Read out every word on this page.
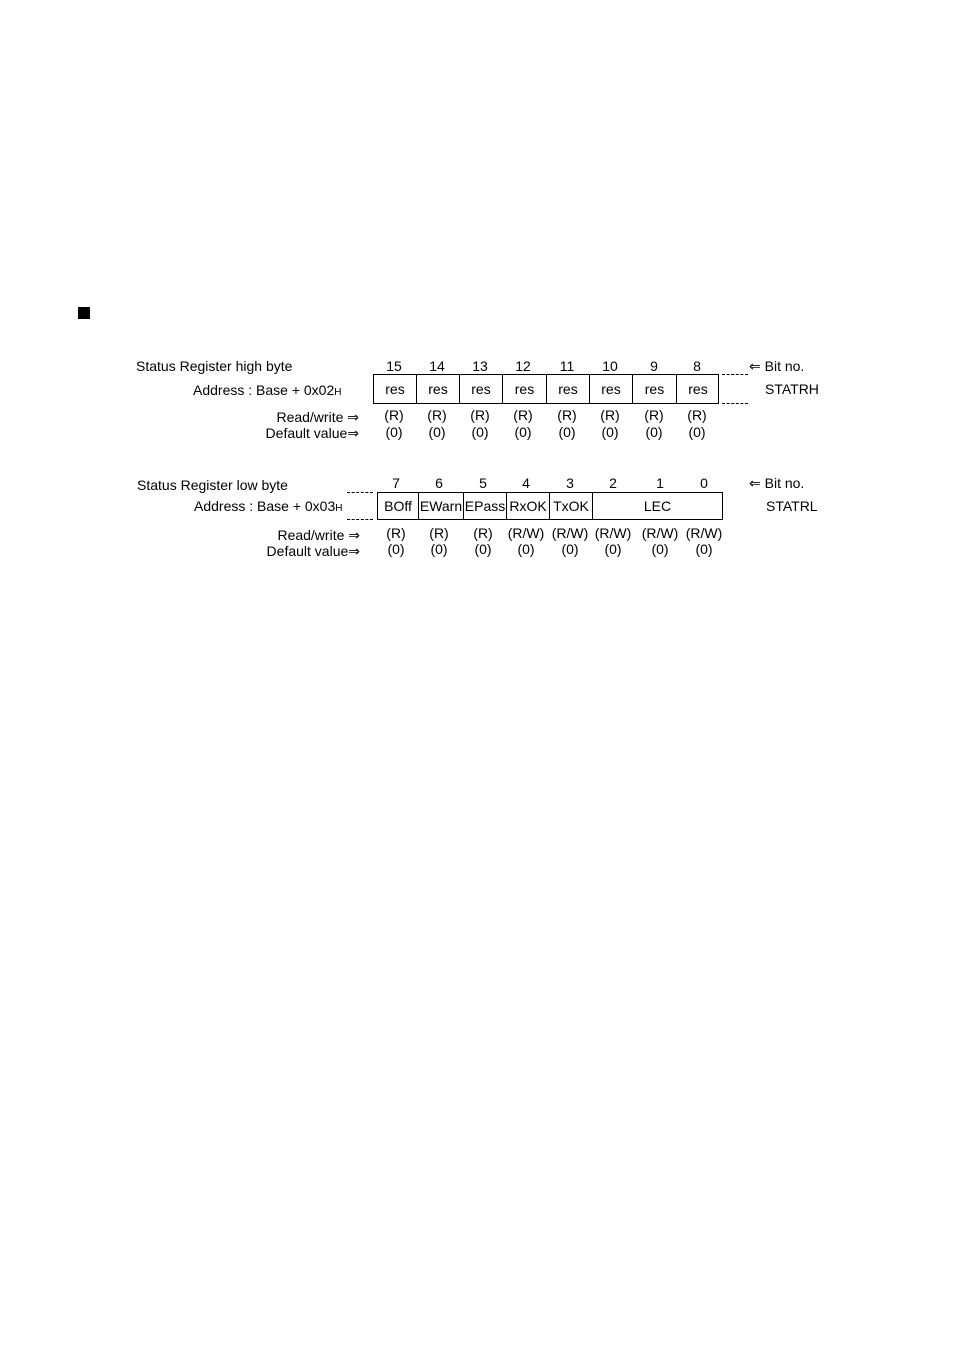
Status Register high byte
Address : Base + 0x02H
Read/write ⇒
Default value⇒
15	14	13	12	11	10	9	8
res	res	res	res	res	res	res	res
(R)	(R)	(R)	(R)	(R)	(R)	(R)	(R)
(0)	(0)	(0)	(0)	(0)	(0)	(0)	(0)
⇐ Bit no.
STATRH
Status Register low byte
Address : Base + 0x03H
Read/write ⇒
Default value⇒
7	6	5	4	3	2	1	0
BOff EWarn EPass RxOK TxOK	LEC
(R)	(R)	(R)	(R/W) (R/W) (R/W) (R/W) (R/W)
(0)	(0)	(0)	(0)	(0)	(0)	(0)	(0)
⇐ Bit no.
STATRL
